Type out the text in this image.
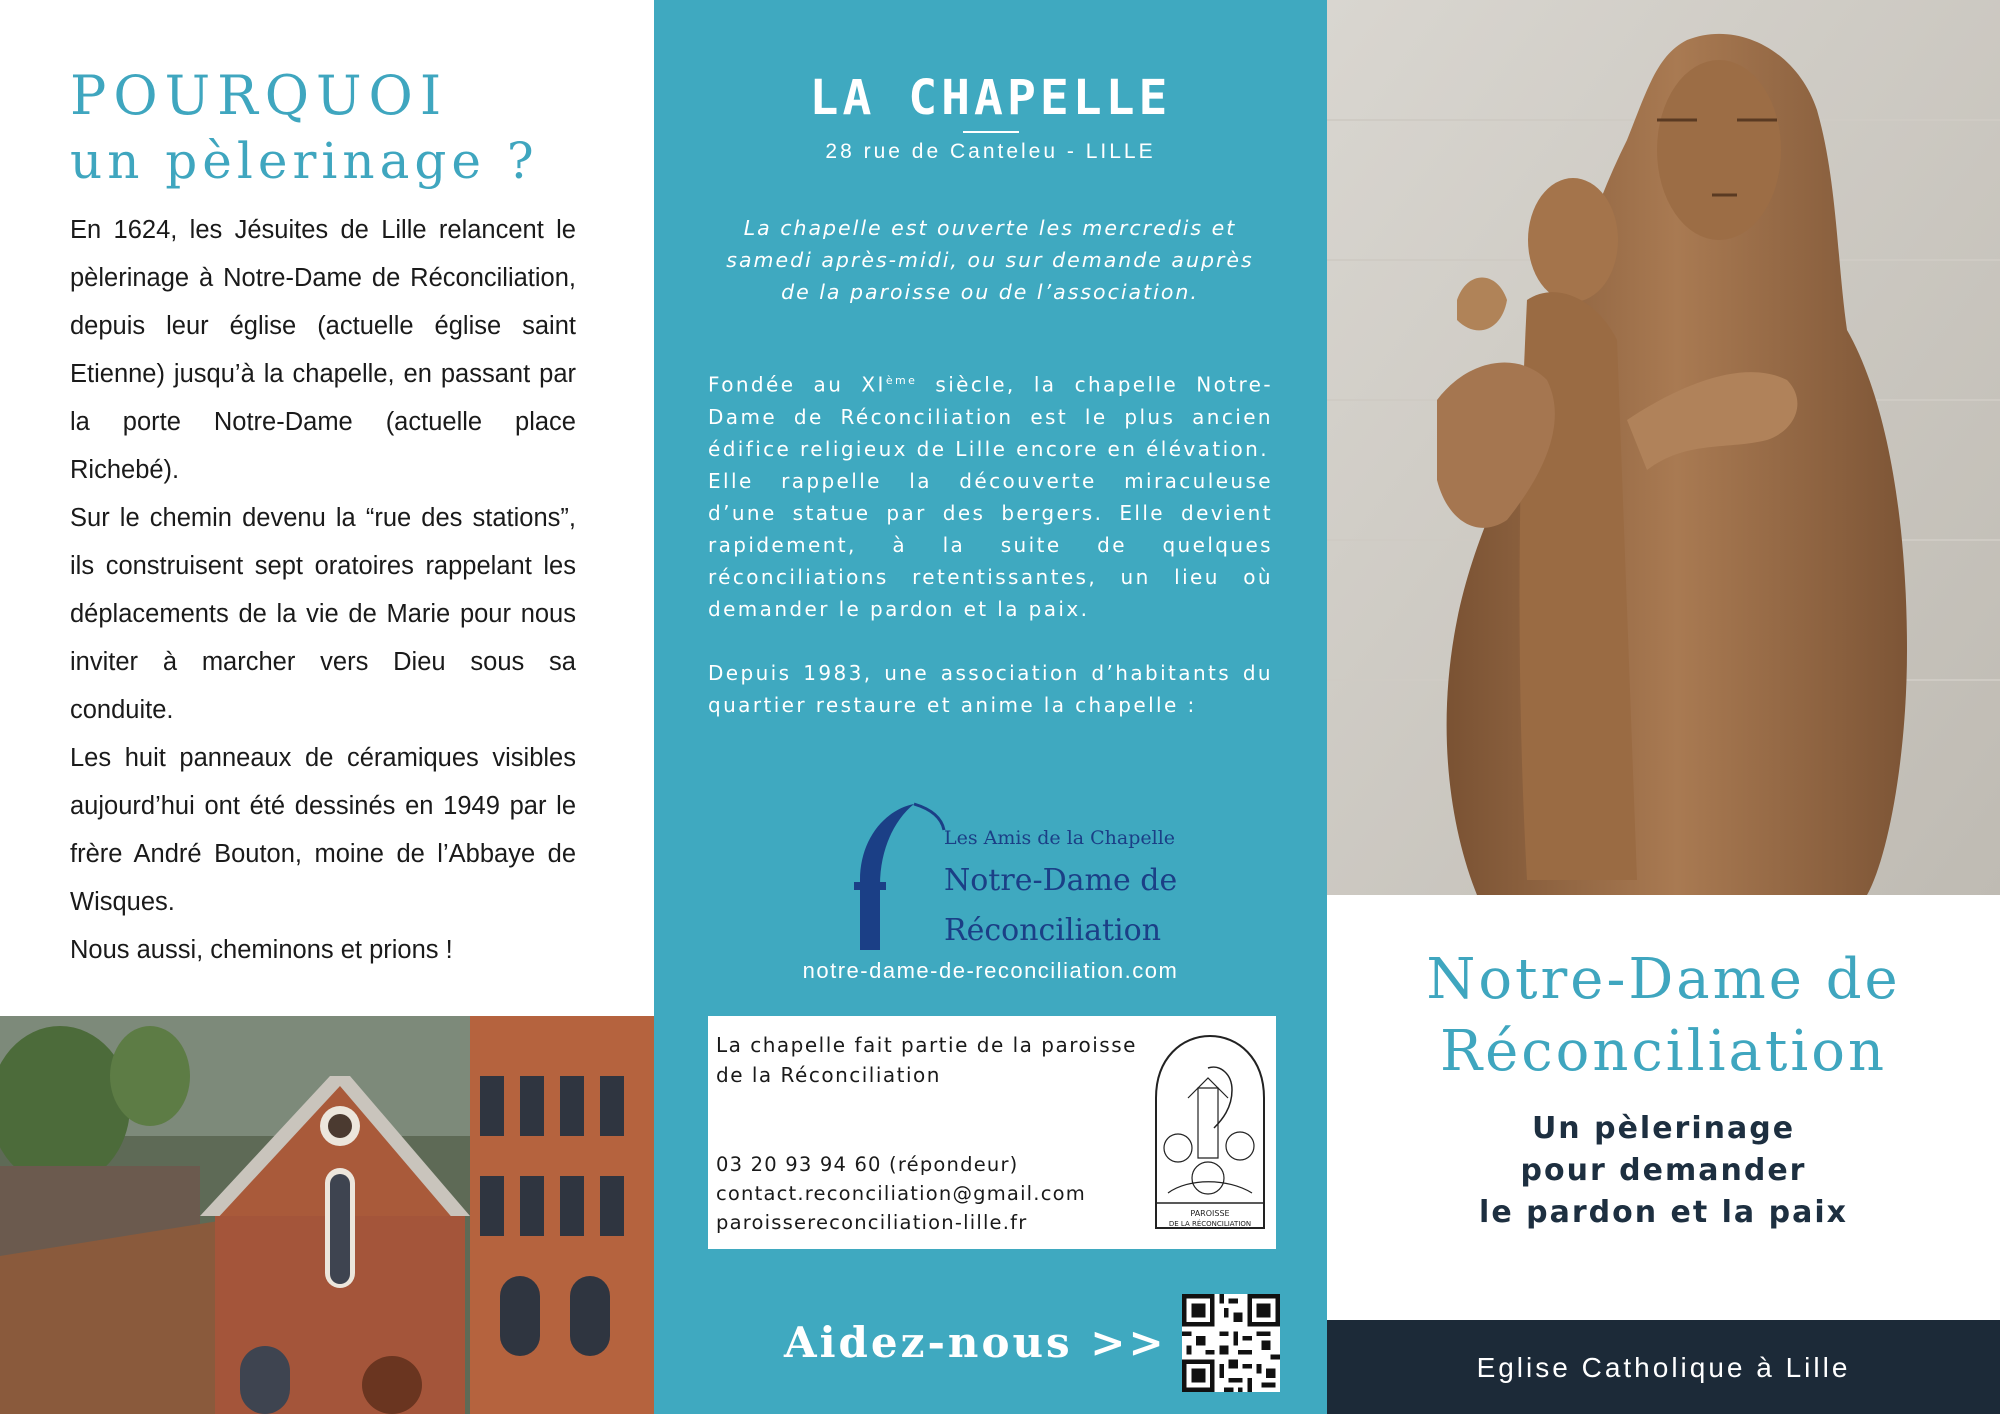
POURQUOI
un pèlerinage ?

En 1624, les Jésuites de Lille relancent le pèlerinage à Notre-Dame de Réconciliation, depuis leur église (actuelle église saint Etienne) jusqu’à la chapelle, en passant par la porte Notre-Dame (actuelle place Richebé).

Sur le chemin devenu la “rue des stations”, ils construisent sept oratoires rappelant les déplacements de la vie de Marie pour nous inviter à marcher vers Dieu sous sa conduite.

Les huit panneaux de céramiques visibles aujourd’hui ont été dessinés en 1949 par le frère André Bouton, moine de l’Abbaye de Wisques.

Nous aussi, cheminons et prions !

LA CHAPELLE
28 rue de Canteleu - LILLE
La chapelle est ouverte les mercredis et samedi après-midi, ou sur demande auprès de la paroisse ou de l’association.

Fondée au XIème siècle, la chapelle Notre-Dame de Réconciliation est le plus ancien édifice religieux de Lille encore en élévation.

Elle rappelle la découverte miraculeuse d’une statue par des bergers. Elle devient rapidement, à la suite de quelques réconciliations retentissantes, un lieu où demander le pardon et la paix.

Depuis 1983, une association d’habitants du quartier restaure et anime la chapelle :

Les Amis de la Chapelle
Notre-Dame de
Réconciliation
notre-dame-de-reconciliation.com
La chapelle fait partie de la paroisse de la Réconciliation
03 20 93 94 60 (répondeur)
contact.reconciliation@gmail.com
paroissereconciliation-lille.fr	PAROISSE
DE LA RÉCONCILIATION
Aidez-nous >>
Notre-Dame de
Réconciliation
Un pèlerinage
pour demander
le pardon et la paix
Eglise Catholique à Lille
